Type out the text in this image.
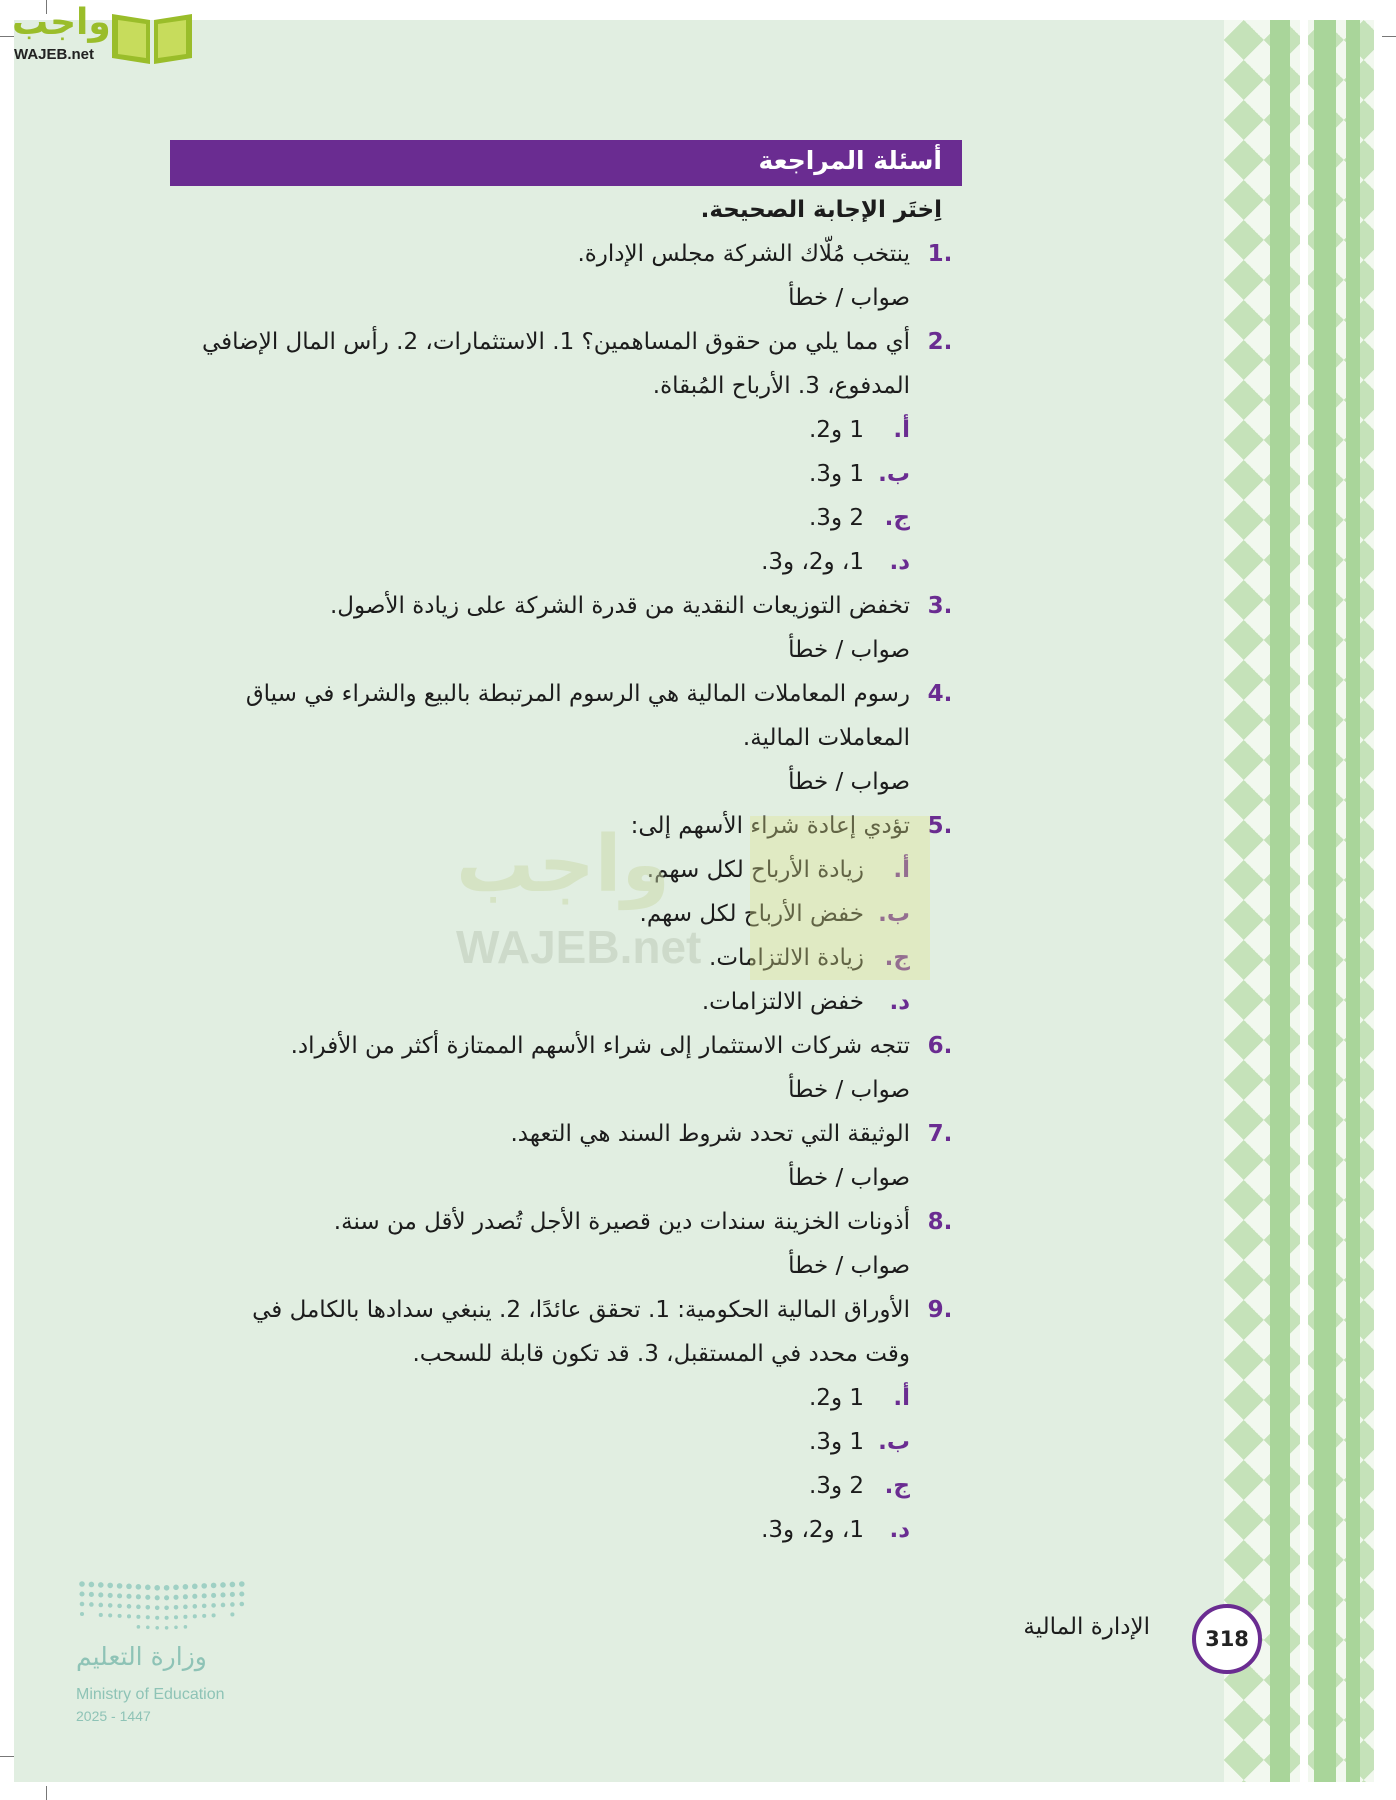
واجب
WAJEB.net
أسئلة المراجعة
اِختَر الإجابة الصحيحة.
.1
ينتخب مُلّاك الشركة مجلس الإدارة.
صواب / خطأ
.2
أي مما يلي من حقوق المساهمين؟ 1. الاستثمارات، 2. رأس المال الإضافي
المدفوع، 3. الأرباح المُبقاة.
أ.
1 و2.
ب.
1 و3.
ج.
2 و3.
د.
1، و2، و3.
.3
تخفض التوزيعات النقدية من قدرة الشركة على زيادة الأصول.
صواب / خطأ
.4
رسوم المعاملات المالية هي الرسوم المرتبطة بالبيع والشراء في سياق
المعاملات المالية.
صواب / خطأ
.5
تؤدي إعادة شراء الأسهم إلى:
أ.
زيادة الأرباح لكل سهم.
ب.
خفض الأرباح لكل سهم.
ج.
زيادة الالتزامات.
د.
خفض الالتزامات.
.6
تتجه شركات الاستثمار إلى شراء الأسهم الممتازة أكثر من الأفراد.
صواب / خطأ
.7
الوثيقة التي تحدد شروط السند هي التعهد.
صواب / خطأ
.8
أذونات الخزينة سندات دين قصيرة الأجل تُصدر لأقل من سنة.
صواب / خطأ
.9
الأوراق المالية الحكومية: 1. تحقق عائدًا، 2. ينبغي سدادها بالكامل في
وقت محدد في المستقبل، 3. قد تكون قابلة للسحب.
أ.
1 و2.
ب.
1 و3.
ج.
2 و3.
د.
1، و2، و3.
واجب
WAJEB.net
318
الإدارة المالية
وزارة التعليم
Ministry of Education
2025 - 1447
